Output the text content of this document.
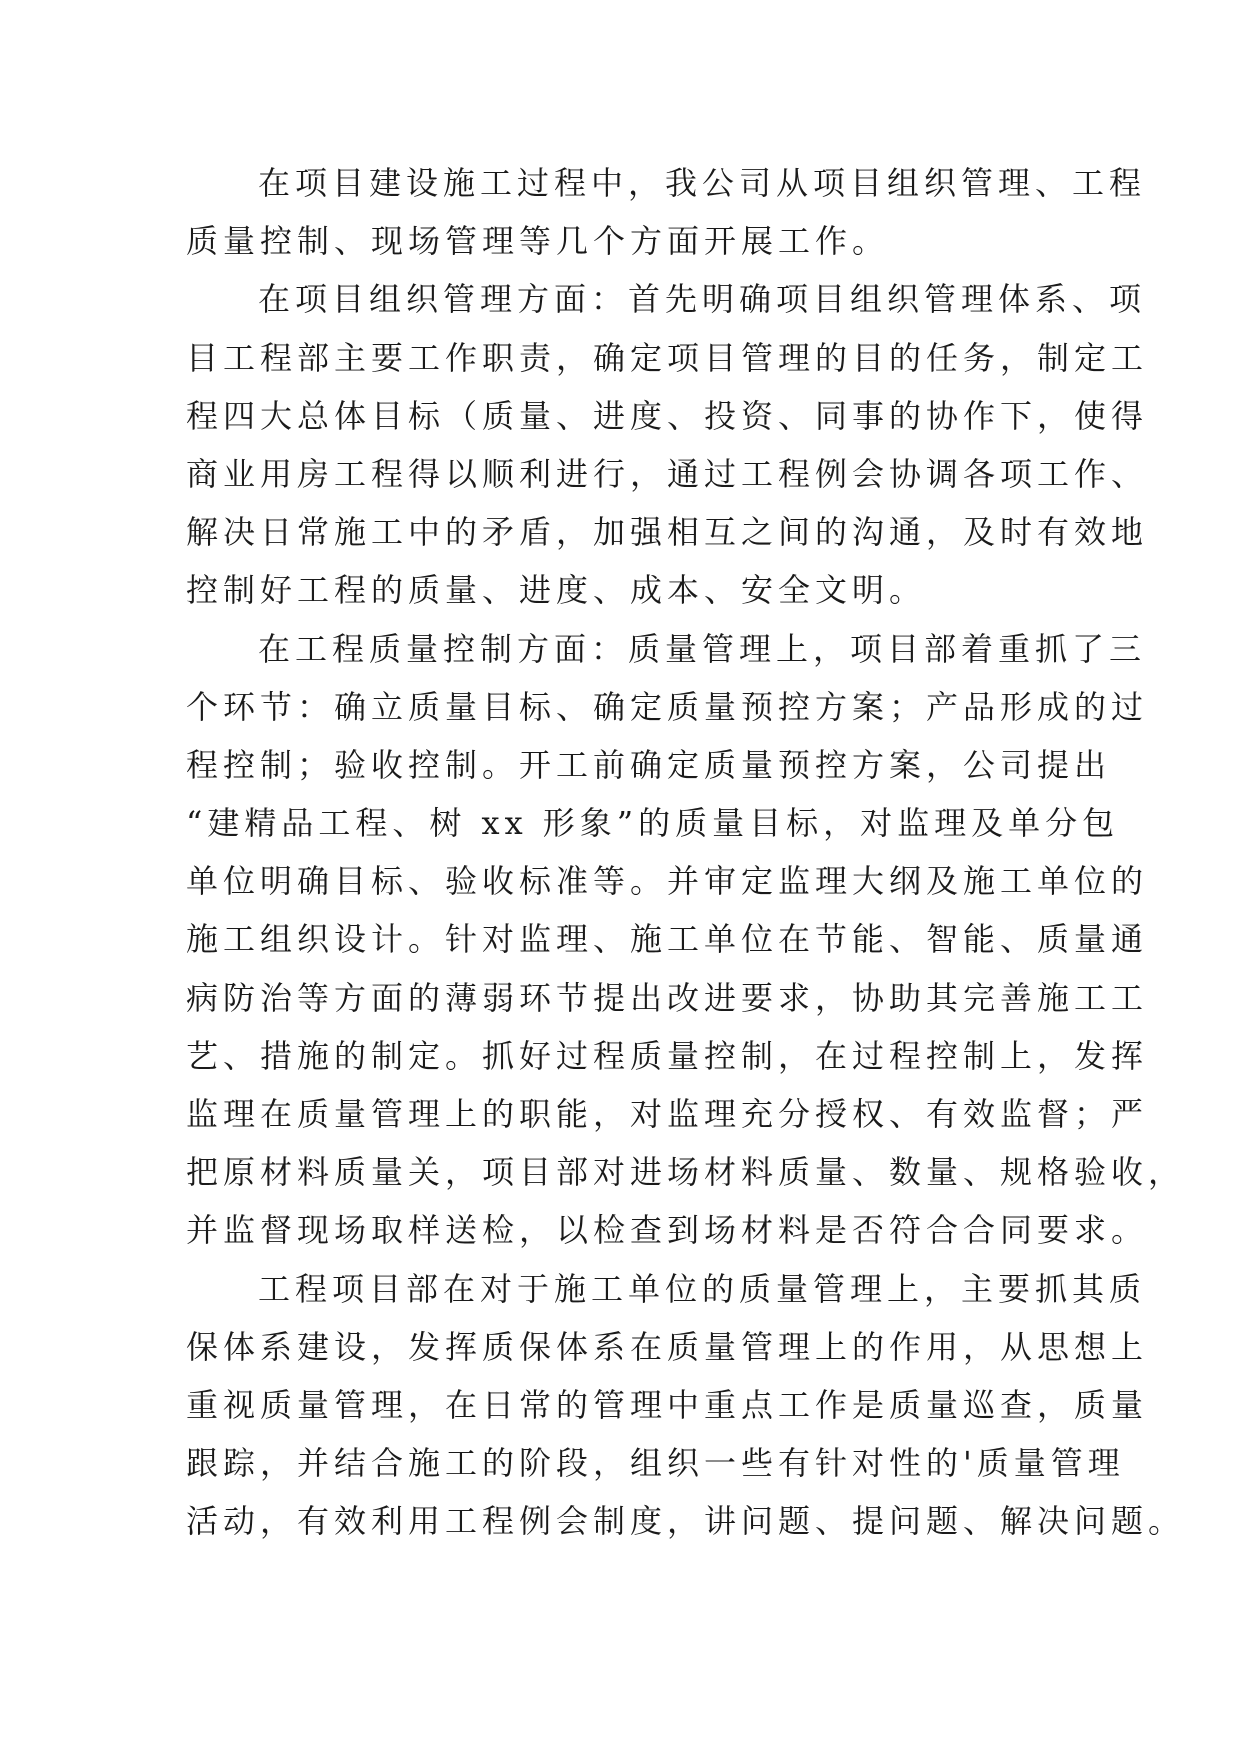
在项目建设施工过程中，我公司从项目组织管理、工程
质量控制、现场管理等几个方面开展工作。
在项目组织管理方面：首先明确项目组织管理体系、项
目工程部主要工作职责，确定项目管理的目的任务，制定工
程四大总体目标（质量、进度、投资、同事的协作下，使得
商业用房工程得以顺利进行，通过工程例会协调各项工作、
解决日常施工中的矛盾，加强相互之间的沟通，及时有效地
控制好工程的质量、进度、成本、安全文明。
在工程质量控制方面：质量管理上，项目部着重抓了三
个环节：确立质量目标、确定质量预控方案；产品形成的过
程控制；验收控制。开工前确定质量预控方案，公司提出
“建精品工程、树 xx 形象”的质量目标，对监理及单分包
单位明确目标、验收标准等。并审定监理大纲及施工单位的
施工组织设计。针对监理、施工单位在节能、智能、质量通
病防治等方面的薄弱环节提出改进要求，协助其完善施工工
艺、措施的制定。抓好过程质量控制，在过程控制上，发挥
监理在质量管理上的职能，对监理充分授权、有效监督；严
把原材料质量关，项目部对进场材料质量、数量、规格验收，
并监督现场取样送检，以检查到场材料是否符合合同要求。
工程项目部在对于施工单位的质量管理上，主要抓其质
保体系建设，发挥质保体系在质量管理上的作用，从思想上
重视质量管理，在日常的管理中重点工作是质量巡查，质量
跟踪，并结合施工的阶段，组织一些有针对性的'质量管理
活动，有效利用工程例会制度，讲问题、提问题、解决问题。
